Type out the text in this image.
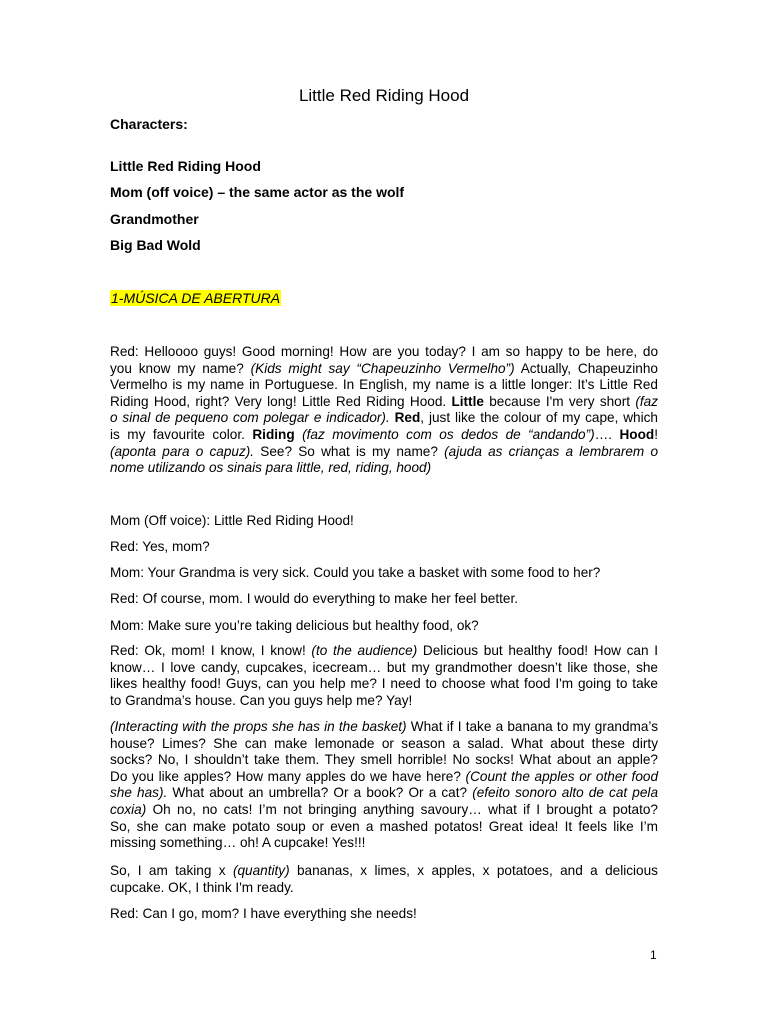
Little Red Riding Hood
Characters:
Little Red Riding Hood
Mom (off voice) – the same actor as the wolf
Grandmother
Big Bad Wold
1-MÚSICA DE ABERTURA
Red: Helloooo guys! Good morning! How are you today? I am so happy to be here, do
you know my name? (Kids might say “Chapeuzinho Vermelho”) Actually, Chapeuzinho
Vermelho is my name in Portuguese. In English, my name is a little longer: It’s Little Red
Riding Hood, right? Very long! Little Red Riding Hood. Little because I'm very short (faz
o sinal de pequeno com polegar e indicador). Red, just like the colour of my cape, which
is my favourite color. Riding (faz movimento com os dedos de “andando”)…. Hood!
(aponta para o capuz). See? So what is my name? (ajuda as crianças a lembrarem o
nome utilizando os sinais para little, red, riding, hood)
Mom (Off voice): Little Red Riding Hood!
Red: Yes, mom?
Mom: Your Grandma is very sick. Could you take a basket with some food to her?
Red: Of course, mom. I would do everything to make her feel better.
Mom: Make sure you’re taking delicious but healthy food, ok?
Red: Ok, mom! I know, I know! (to the audience) Delicious but healthy food! How can I
know… I love candy, cupcakes, icecream… but my grandmother doesn’t like those, she
likes healthy food! Guys, can you help me? I need to choose what food I'm going to take
to Grandma’s house. Can you guys help me? Yay!
(Interacting with the props she has in the basket) What if I take a banana to my grandma’s
house? Limes? She can make lemonade or season a salad. What about these dirty
socks? No, I shouldn’t take them. They smell horrible! No socks! What about an apple?
Do you like apples? How many apples do we have here? (Count the apples or other food
she has). What about an umbrella? Or a book? Or a cat? (efeito sonoro alto de cat pela
coxia) Oh no, no cats! I’m not bringing anything savoury… what if I brought a potato?
So, she can make potato soup or even a mashed potatos! Great idea! It feels like I’m
missing something… oh! A cupcake! Yes!!!
So, I am taking x (quantity) bananas, x limes, x apples, x potatoes, and a delicious
cupcake. OK, I think I'm ready.
Red: Can I go, mom? I have everything she needs!
1
